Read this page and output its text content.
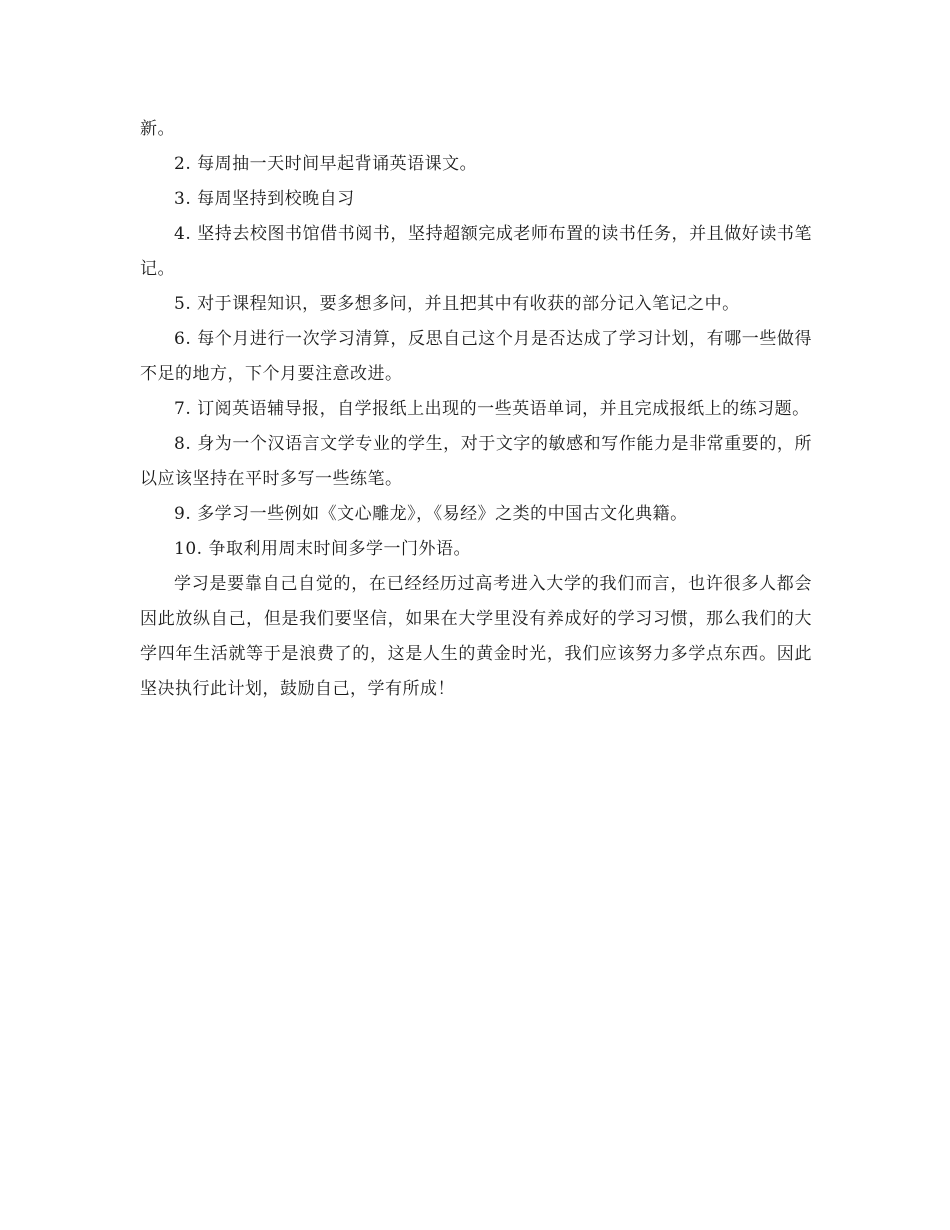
新。

2. 每周抽一天时间早起背诵英语课文。

3. 每周坚持到校晚自习

4. 坚持去校图书馆借书阅书，坚持超额完成老师布置的读书任务，并且做好读书笔记。

5. 对于课程知识，要多想多问，并且把其中有收获的部分记入笔记之中。

6. 每个月进行一次学习清算，反思自己这个月是否达成了学习计划，有哪一些做得不足的地方，下个月要注意改进。

7. 订阅英语辅导报，自学报纸上出现的一些英语单词，并且完成报纸上的练习题。

8. 身为一个汉语言文学专业的学生，对于文字的敏感和写作能力是非常重要的，所以应该坚持在平时多写一些练笔。

9. 多学习一些例如《文心雕龙》，《易经》之类的中国古文化典籍。

10. 争取利用周末时间多学一门外语。

学习是要靠自己自觉的，在已经经历过高考进入大学的我们而言，也许很多人都会因此放纵自己，但是我们要坚信，如果在大学里没有养成好的学习习惯，那么我们的大学四年生活就等于是浪费了的，这是人生的黄金时光，我们应该努力多学点东西。因此坚决执行此计划，鼓励自己，学有所成！
